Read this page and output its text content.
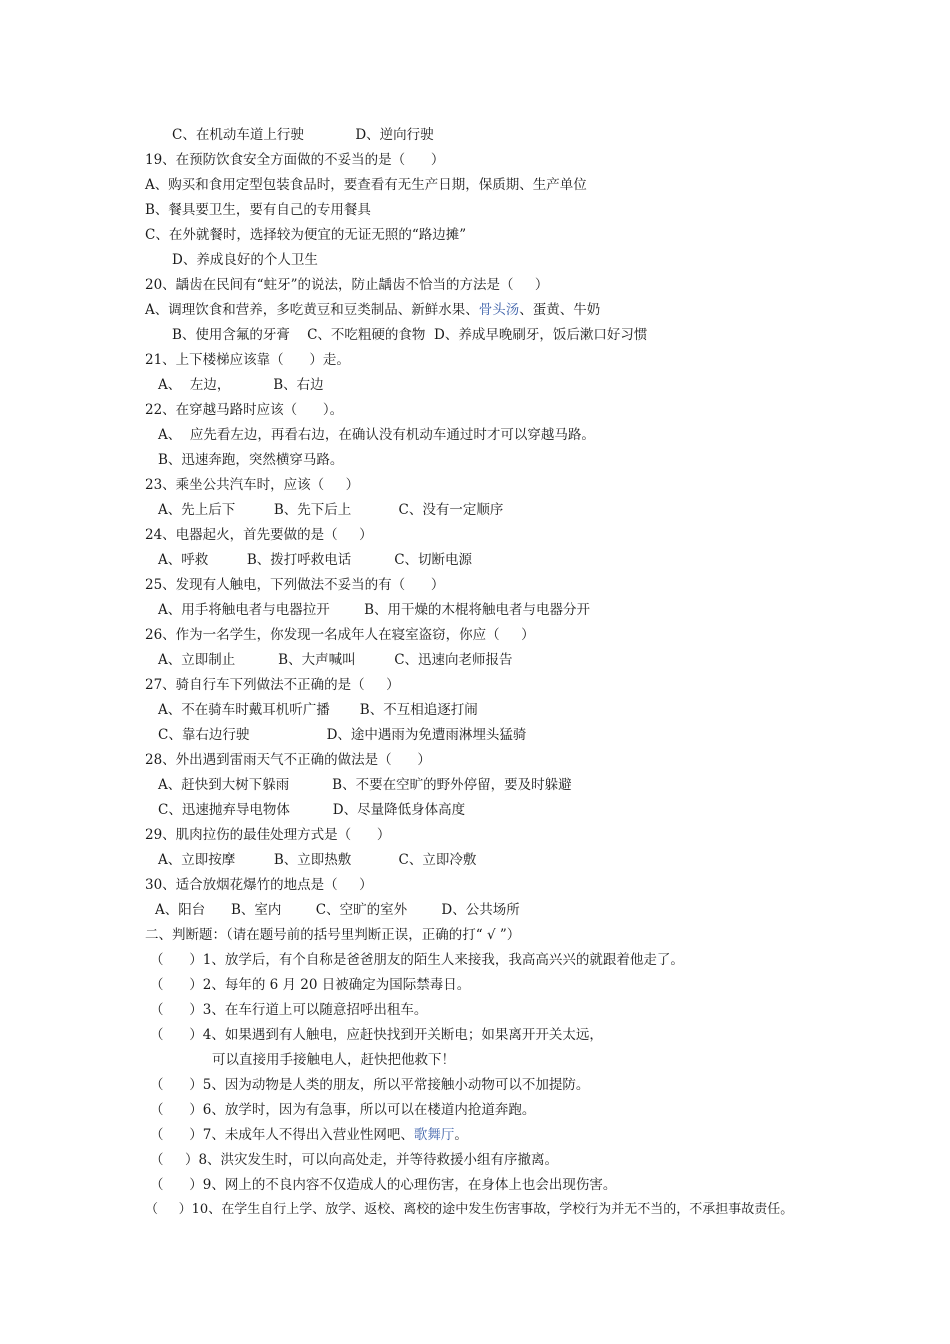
C、在机动车道上行驶            D、逆向行驶
19、在预防饮食安全方面做的不妥当的是（      ）
A、购买和食用定型包装食品时，要查看有无生产日期，保质期、生产单位
B、餐具要卫生，要有自己的专用餐具
C、在外就餐时，选择较为便宜的无证无照的“路边摊”
D、养成良好的个人卫生
20、龋齿在民间有“蛀牙”的说法，防止龋齿不恰当的方法是（     ）
A、调理饮食和营养，多吃黄豆和豆类制品、新鲜水果、骨头汤、蛋黄、牛奶
B、使用含氟的牙膏    C、不吃粗硬的食物  D、养成早晚刷牙，饭后漱口好习惯
21、上下楼梯应该靠（      ）走。
A、  左边，          B、右边
22、在穿越马路时应该（      ）。
A、  应先看左边，再看右边，在确认没有机动车通过时才可以穿越马路。
B、迅速奔跑，突然横穿马路。
23、乘坐公共汽车时，应该（     ）
A、先上后下         B、先下后上           C、没有一定顺序
24、电器起火，首先要做的是（     ）
A、呼救         B、拨打呼救电话          C、切断电源
25、发现有人触电，下列做法不妥当的有（      ）
A、用手将触电者与电器拉开        B、用干燥的木棍将触电者与电器分开
26、作为一名学生，你发现一名成年人在寝室盗窃，你应（     ）
A、立即制止          B、大声喊叫         C、迅速向老师报告
27、骑自行车下列做法不正确的是（     ）
A、不在骑车时戴耳机听广播       B、不互相追逐打闹
C、靠右边行驶                  D、途中遇雨为免遭雨淋埋头猛骑
28、外出遇到雷雨天气不正确的做法是（      ）
A、赶快到大树下躲雨          B、不要在空旷的野外停留，要及时躲避
C、迅速抛弃导电物体          D、尽量降低身体高度
29、肌肉拉伤的最佳处理方式是（      ）
A、立即按摩         B、立即热敷           C、立即冷敷
30、适合放烟花爆竹的地点是（     ）
A、阳台      B、室内        C、空旷的室外        D、公共场所
二、判断题：（请在题号前的括号里判断正误，正确的打“ √ ”）
（      ）1、放学后，有个自称是爸爸朋友的陌生人来接我，我高高兴兴的就跟着他走了。
（      ）2、每年的 6 月 20 日被确定为国际禁毒日。
（      ）3、在车行道上可以随意招呼出租车。
（      ）4、如果遇到有人触电，应赶快找到开关断电；如果离开开关太远，
可以直接用手接触电人，赶快把他救下！
（      ）5、因为动物是人类的朋友，所以平常接触小动物可以不加提防。
（      ）6、放学时，因为有急事，所以可以在楼道内抢道奔跑。
（      ）7、未成年人不得出入营业性网吧、歌舞厅。
（     ）8、洪灾发生时，可以向高处走，并等待救援小组有序撤离。
（      ）9、网上的不良内容不仅造成人的心理伤害，在身体上也会出现伤害。
（     ）10、在学生自行上学、放学、返校、离校的途中发生伤害事故，学校行为并无不当的，不承担事故责任。
